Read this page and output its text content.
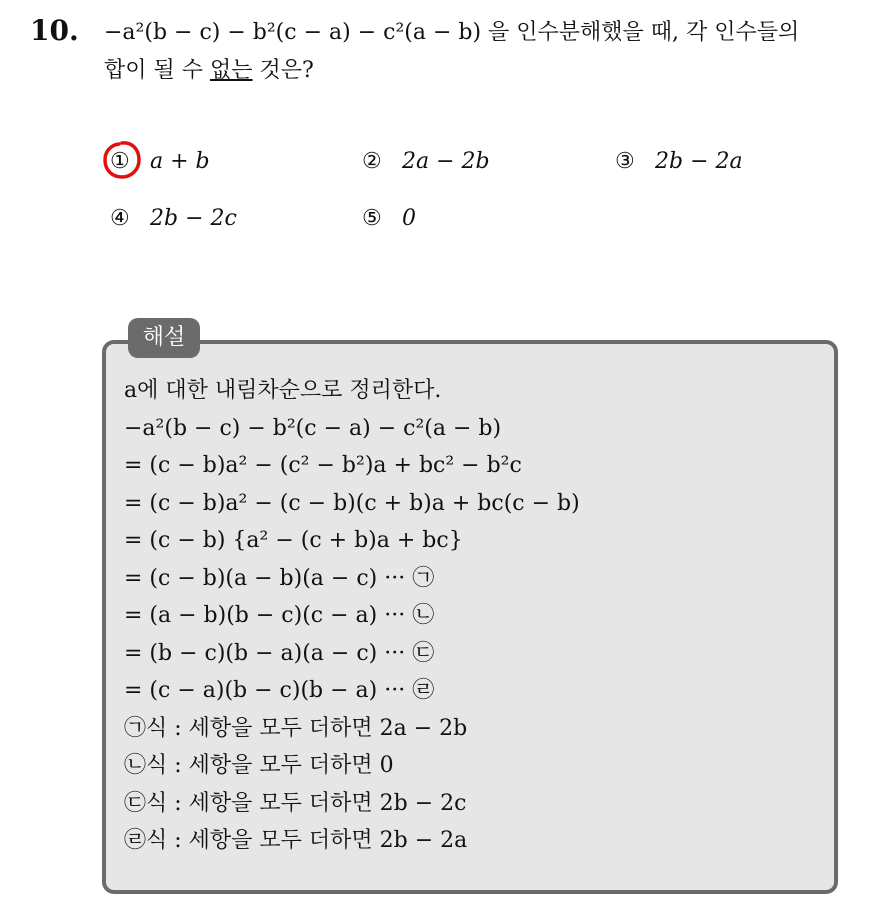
10. −a²(b − c) − b²(c − a) − c²(a − b) 을 인수분해했을 때, 각 인수들의
합이 될 수 없는 것은?
① a + b	② 2a − 2b	③ 2b − 2a
④ 2b − 2c	⑤ 0
해설
a에 대한 내림차순으로 정리한다.
−a²(b − c) − b²(c − a) − c²(a − b)
= (c − b)a² − (c² − b²)a + bc² − b²c
= (c − b)a² − (c − b)(c + b)a + bc(c − b)
= (c − b) {a² − (c + b)a + bc}
= (c − b)(a − b)(a − c) ··· ㉠
= (a − b)(b − c)(c − a) ··· ㉡
= (b − c)(b − a)(a − c) ··· ㉢
= (c − a)(b − c)(b − a) ··· ㉣
㉠식 : 세항을 모두 더하면 2a − 2b
㉡식 : 세항을 모두 더하면 0
㉢식 : 세항을 모두 더하면 2b − 2c
㉣식 : 세항을 모두 더하면 2b − 2a
